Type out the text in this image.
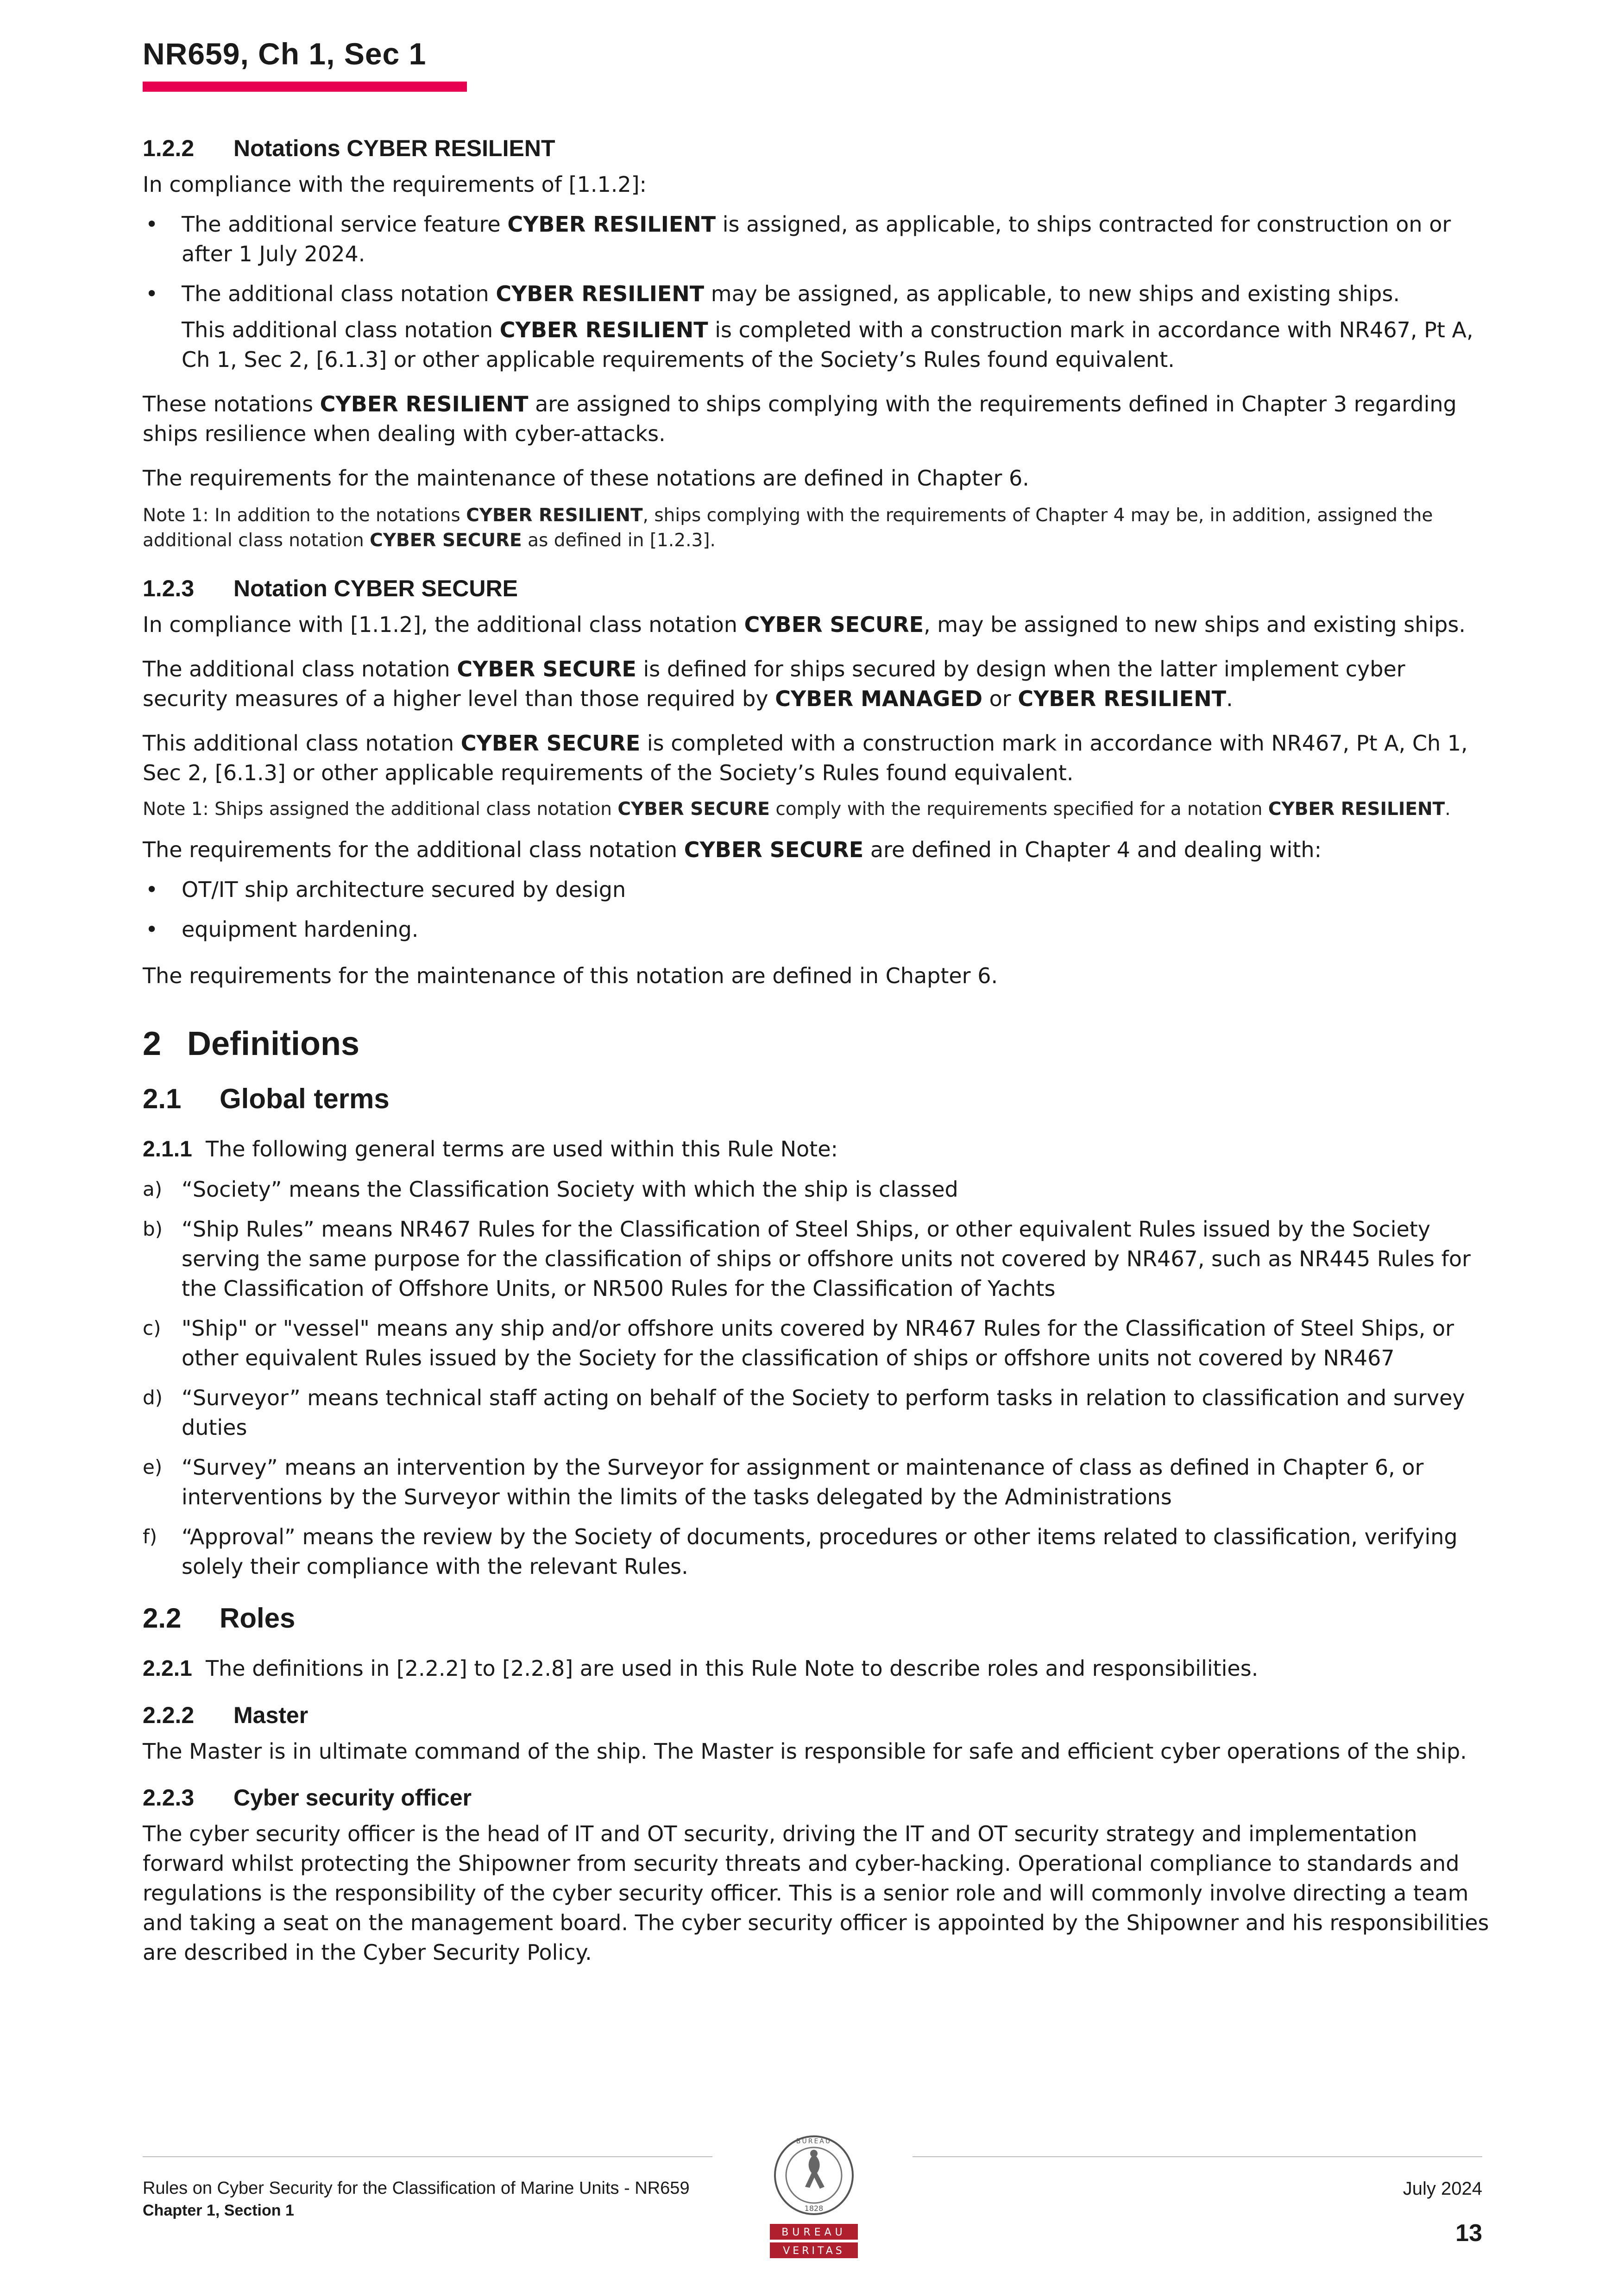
NR659, Ch 1, Sec 1
1.2.2 Notations CYBER RESILIENT

In compliance with the requirements of [1.1.2]:

• The additional service feature CYBER RESILIENT is assigned, as applicable, to ships contracted for construction on or after 1 July 2024.
• The additional class notation CYBER RESILIENT may be assigned, as applicable, to new ships and existing ships.
This additional class notation CYBER RESILIENT is completed with a construction mark in accordance with NR467, Pt A, Ch 1, Sec 2, [6.1.3] or other applicable requirements of the Society’s Rules found equivalent.

These notations CYBER RESILIENT are assigned to ships complying with the requirements defined in Chapter 3 regarding ships resilience when dealing with cyber-attacks.

The requirements for the maintenance of these notations are defined in Chapter 6.

Note 1: In addition to the notations CYBER RESILIENT, ships complying with the requirements of Chapter 4 may be, in addition, assigned the additional class notation CYBER SECURE as defined in [1.2.3].
1.2.3 Notation CYBER SECURE

In compliance with [1.1.2], the additional class notation CYBER SECURE, may be assigned to new ships and existing ships.

The additional class notation CYBER SECURE is defined for ships secured by design when the latter implement cyber security measures of a higher level than those required by CYBER MANAGED or CYBER RESILIENT.

This additional class notation CYBER SECURE is completed with a construction mark in accordance with NR467, Pt A, Ch 1, Sec 2, [6.1.3] or other applicable requirements of the Society’s Rules found equivalent.

Note 1: Ships assigned the additional class notation CYBER SECURE comply with the requirements specified for a notation CYBER RESILIENT.

The requirements for the additional class notation CYBER SECURE are defined in Chapter 4 and dealing with:

• OT/IT ship architecture secured by design
• equipment hardening.

The requirements for the maintenance of this notation are defined in Chapter 6.

2 Definitions
2.1 Global terms

2.1.1 The following general terms are used within this Rule Note:

a) “Society” means the Classification Society with which the ship is classed
b) “Ship Rules” means NR467 Rules for the Classification of Steel Ships, or other equivalent Rules issued by the Society serving the same purpose for the classification of ships or offshore units not covered by NR467, such as NR445 Rules for the Classification of Offshore Units, or NR500 Rules for the Classification of Yachts
c) "Ship" or "vessel" means any ship and/or offshore units covered by NR467 Rules for the Classification of Steel Ships, or other equivalent Rules issued by the Society for the classification of ships or offshore units not covered by NR467
d) “Surveyor” means technical staff acting on behalf of the Society to perform tasks in relation to classification and survey duties
e) “Survey” means an intervention by the Surveyor for assignment or maintenance of class as defined in Chapter 6, or interventions by the Surveyor within the limits of the tasks delegated by the Administrations
f) “Approval” means the review by the Society of documents, procedures or other items related to classification, verifying solely their compliance with the relevant Rules.
2.2 Roles

2.2.1 The definitions in [2.2.2] to [2.2.8] are used in this Rule Note to describe roles and responsibilities.

2.2.2 Master

The Master is in ultimate command of the ship. The Master is responsible for safe and efficient cyber operations of the ship.

2.2.3 Cyber security officer

The cyber security officer is the head of IT and OT security, driving the IT and OT security strategy and implementation forward whilst protecting the Shipowner from security threats and cyber-hacking. Operational compliance to standards and regulations is the responsibility of the cyber security officer. This is a senior role and will commonly involve directing a team and taking a seat on the management board. The cyber security officer is appointed by the Shipowner and his responsibilities are described in the Cyber Security Policy.

Rules on Cyber Security for the Classification of Marine Units - NR659
Chapter 1, Section 1
BUREAU
1828
BUREAU
VERITAS
July 2024
13
